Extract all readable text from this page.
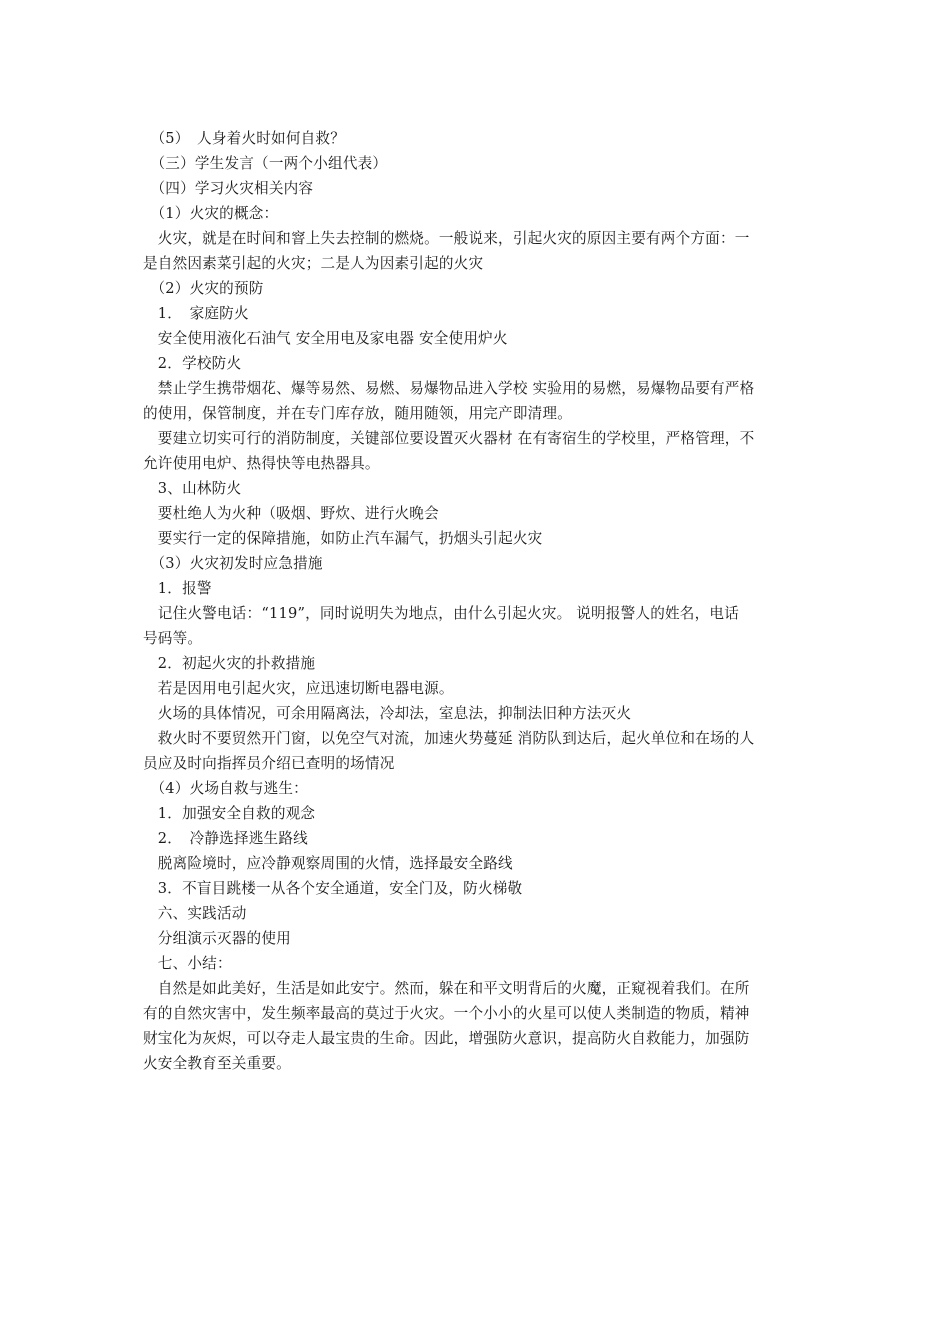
　（5）　人身着火时如何自救？
　（三）学生发言（一两个小组代表）
　（四）学习火灾相关内容
　（1）火灾的概念：
　火灾，就是在时间和窨上失去控制的燃烧。一般说来，引起火灾的原因主要有两个方面：一
是自然因素菜引起的火灾；二是人为因素引起的火灾
　（2）火灾的预防
　1．　家庭防火
　安全使用液化石油气 安全用电及家电器 安全使用炉火
　2．学校防火
　禁止学生携带烟花、爆等易然、易燃、易爆物品进入学校 实验用的易燃，易爆物品要有严格
的使用，保管制度，并在专门库存放，随用随领，用完产即清理。
　要建立切实可行的消防制度，关键部位要设置灭火器材 在有寄宿生的学校里，严格管理，不
允许使用电炉、热得快等电热器具。
　3、山林防火
　要杜绝人为火种（吸烟、野炊、进行火晚会
　要实行一定的保障措施，如防止汽车漏气，扔烟头引起火灾
　（3）火灾初发时应急措施
　1．报警
　记住火警电话：“119”，同时说明失为地点，由什么引起火灾。 说明报警人的姓名，电话
号码等。
　2．初起火灾的扑救措施
　若是因用电引起火灾，应迅速切断电器电源。
　火场的具体情况，可余用隔离法，冷却法，室息法，抑制法旧种方法灭火
　救火时不要贸然开门窗，以免空气对流，加速火势蔓延 消防队到达后，起火单位和在场的人
员应及时向指挥员介绍已查明的场情况
　（4）火场自救与逃生：
　1．加强安全自救的观念
　2．　冷静选择逃生路线
　脱离险境时，应冷静观察周围的火情，选择最安全路线
　3．不盲目跳楼一从各个安全通道，安全门及，防火梯敬
　六、实践活动
　分组演示灭器的使用
　七、小结：
　自然是如此美好，生活是如此安宁。然而，躲在和平文明背后的火魔，正窥视着我们。在所
有的自然灾害中，发生频率最高的莫过于火灾。一个小小的火星可以使人类制造的物质，精神
财宝化为灰烬，可以夺走人最宝贵的生命。因此，增强防火意识，提高防火自救能力，加强防
火安全教育至关重要。
